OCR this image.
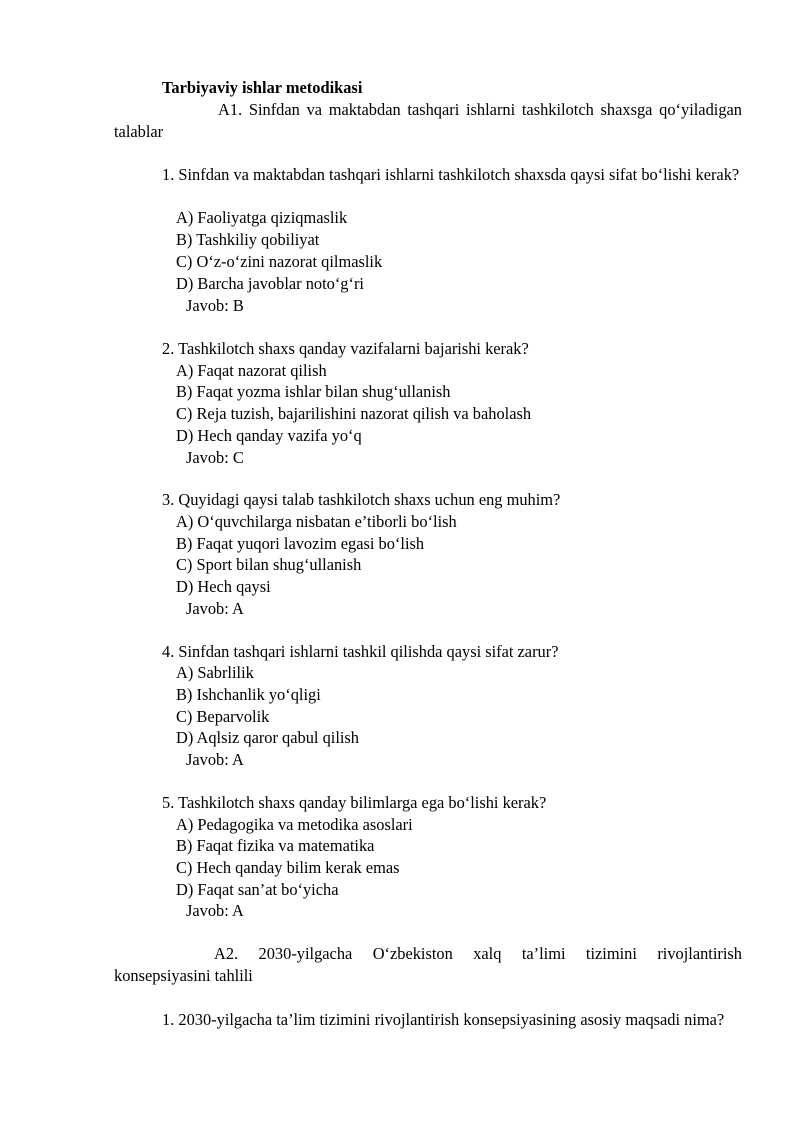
Tarbiyaviy ishlar metodikasi
A1. Sinfdan va maktabdan tashqari ishlarni tashkilotch shaxsga qo‘yiladigan talablar
1. Sinfdan va maktabdan tashqari ishlarni tashkilotch shaxsda qaysi sifat bo‘lishi kerak?
A) Faoliyatga qiziqmaslik
B) Tashkiliy qobiliyat
C) O‘z-o‘zini nazorat qilmaslik
D) Barcha javoblar noto‘g‘ri
Javob: B
2. Tashkilotch shaxs qanday vazifalarni bajarishi kerak?
A) Faqat nazorat qilish
B) Faqat yozma ishlar bilan shug‘ullanish
C) Reja tuzish, bajarilishini nazorat qilish va baholash
D) Hech qanday vazifa yo‘q
Javob: C
3. Quyidagi qaysi talab tashkilotch shaxs uchun eng muhim?
A) O‘quvchilarga nisbatan e’tiborli bo‘lish
B) Faqat yuqori lavozim egasi bo‘lish
C) Sport bilan shug‘ullanish
D) Hech qaysi
Javob: A
4. Sinfdan tashqari ishlarni tashkil qilishda qaysi sifat zarur?
A) Sabrlilik
B) Ishchanlik yo‘qligi
C) Beparvolik
D) Aqlsiz qaror qabul qilish
Javob: A
5. Tashkilotch shaxs qanday bilimlarga ega bo‘lishi kerak?
A) Pedagogika va metodika asoslari
B) Faqat fizika va matematika
C) Hech qanday bilim kerak emas
D) Faqat san’at bo‘yicha
Javob: A
A2. 2030-yilgacha O‘zbekiston xalq ta’limi tizimini rivojlantirish konsepsiyasini tahlili
1. 2030-yilgacha ta’lim tizimini rivojlantirish konsepsiyasining asosiy maqsadi nima?
